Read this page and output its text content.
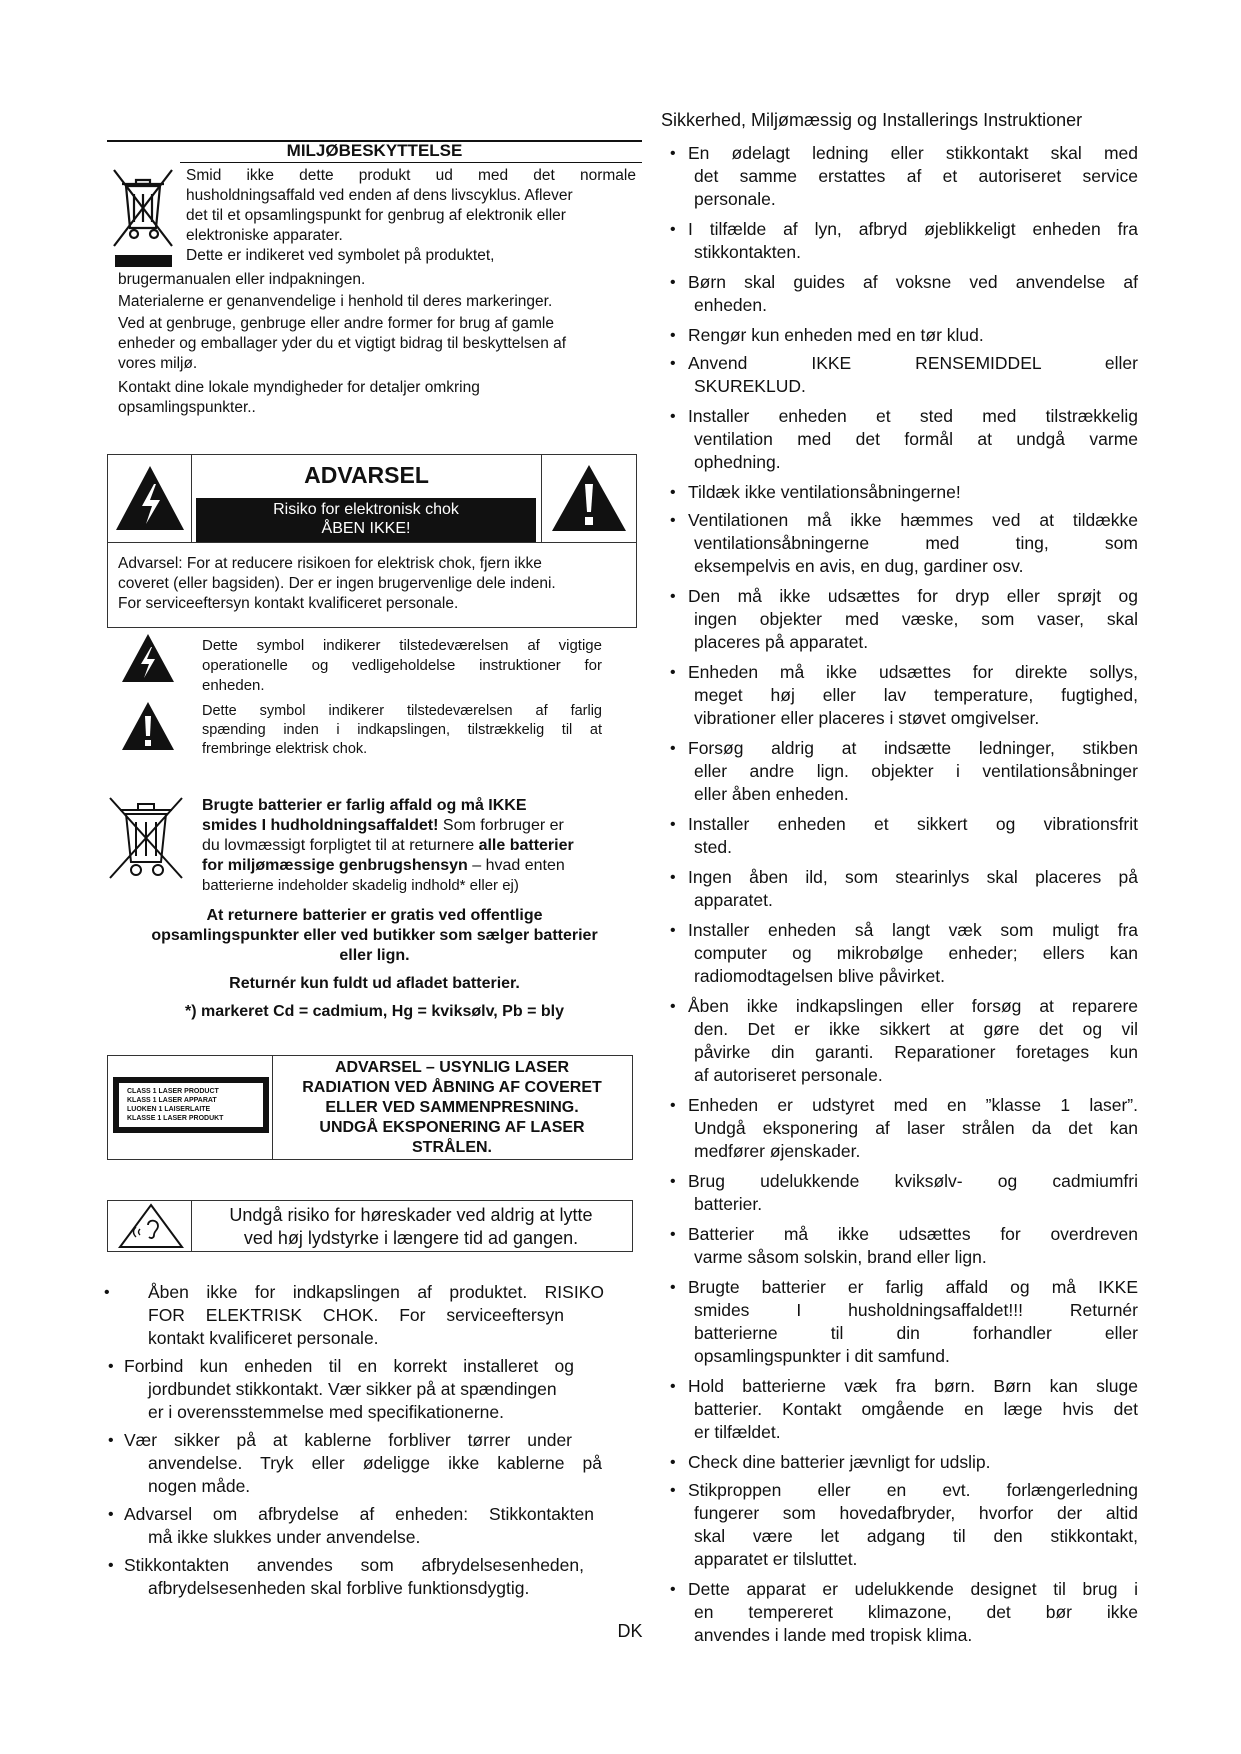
MILJØBESKYTTELSE
Smid ikke dette produkt ud med det normale
husholdningsaffald ved enden af dens livscyklus. Aflever
det til et opsamlingspunkt for genbrug af elektronik eller
elektroniske apparater.
Dette er indikeret ved symbolet på produktet,
brugermanualen eller indpakningen.
Materialerne er genanvendelige i henhold til deres markeringer.
Ved at genbruge, genbruge eller andre former for brug af gamle
enheder og emballager yder du et vigtigt bidrag til beskyttelsen af
vores miljø.
Kontakt dine lokale myndigheder for detaljer omkring
opsamlingspunkter..
ADVARSEL
Risiko for elektronisk chok
ÅBEN IKKE!
Advarsel: For at reducere risikoen for elektrisk chok, fjern ikke
coveret (eller bagsiden). Der er ingen brugervenlige dele indeni.
For serviceeftersyn kontakt kvalificeret personale.
Dette symbol indikerer tilstedeværelsen af vigtige
operationelle og vedligeholdelse instruktioner for
enheden.
Dette symbol indikerer tilstedeværelsen af farlig
spænding inden i indkapslingen, tilstrækkelig til at
frembringe elektrisk chok.
Brugte batterier er farlig affald og må IKKE
smides I hudholdningsaffaldet! Som forbruger er
du lovmæssigt forpligtet til at returnere alle batterier
for miljømæssige genbrugshensyn – hvad enten
batterierne indeholder skadelig indhold* eller ej)
At returnere batterier er gratis ved offentlige
opsamlingspunkter eller ved butikker som sælger batterier
eller lign.
Returnér kun fuldt ud afladet batterier.
*) markeret Cd = cadmium, Hg = kviksølv, Pb = bly
CLASS 1 LASER PRODUCT
KLASS 1 LASER APPARAT
LUOKEN 1 LAISERLAITE
KLASSE 1 LASER PRODUKT
ADVARSEL – USYNLIG LASER
RADIATION VED ÅBNING AF COVERET
ELLER VED SAMMENPRESNING.
UNDGÅ EKSPONERING AF LASER
STRÅLEN.
Undgå risiko for høreskader ved aldrig at lytte
ved høj lydstyrke i længere tid ad gangen.
• Åben ikke for indkapslingen af produktet. RISIKO
FOR ELEKTRISK CHOK. For serviceeftersyn
kontakt kvalificeret personale.
• Forbind kun enheden til en korrekt installeret og
jordbundet stikkontakt. Vær sikker på at spændingen
er i overensstemmelse med specifikationerne.
• Vær sikker på at kablerne forbliver tørrer under
anvendelse. Tryk eller ødeligge ikke kablerne på
nogen måde.
• Advarsel om afbrydelse af enheden: Stikkontakten
må ikke slukkes under anvendelse.
• Stikkontakten anvendes som afbrydelsesenheden,
afbrydelsesenheden skal forblive funktionsdygtig.
Sikkerhed, Miljømæssig og Installerings Instruktioner
• En ødelagt ledning eller stikkontakt skal med
det samme erstattes af et autoriseret service
personale.
• I tilfælde af lyn, afbryd øjeblikkeligt enheden fra
stikkontakten.
• Børn skal guides af voksne ved anvendelse af
enheden.
• Rengør kun enheden med en tør klud.
• Anvend IKKE RENSEMIDDEL eller
SKUREKLUD.
• Installer enheden et sted med tilstrækkelig
ventilation med det formål at undgå varme
ophedning.
• Tildæk ikke ventilationsåbningerne!
• Ventilationen må ikke hæmmes ved at tildække
ventilationsåbningerne med ting, som
eksempelvis en avis, en dug, gardiner osv.
• Den må ikke udsættes for dryp eller sprøjt og
ingen objekter med væske, som vaser, skal
placeres på apparatet.
• Enheden må ikke udsættes for direkte sollys,
meget høj eller lav temperature, fugtighed,
vibrationer eller placeres i støvet omgivelser.
• Forsøg aldrig at indsætte ledninger, stikben
eller andre lign. objekter i ventilationsåbninger
eller åben enheden.
• Installer enheden et sikkert og vibrationsfrit
sted.
• Ingen åben ild, som stearinlys skal placeres på
apparatet.
• Installer enheden så langt væk som muligt fra
computer og mikrobølge enheder; ellers kan
radiomodtagelsen blive påvirket.
• Åben ikke indkapslingen eller forsøg at reparere
den. Det er ikke sikkert at gøre det og vil
påvirke din garanti. Reparationer foretages kun
af autoriseret personale.
• Enheden er udstyret med en ”klasse 1 laser”.
Undgå eksponering af laser strålen da det kan
medfører øjenskader.
• Brug udelukkende kviksølv- og cadmiumfri
batterier.
• Batterier må ikke udsættes for overdreven
varme såsom solskin, brand eller lign.
• Brugte batterier er farlig affald og må IKKE
smides I husholdningsaffaldet!!! Returnér
batterierne til din forhandler eller
opsamlingspunkter i dit samfund.
• Hold batterierne væk fra børn. Børn kan sluge
batterier. Kontakt omgående en læge hvis det
er tilfældet.
• Check dine batterier jævnligt for udslip.
• Stikproppen eller en evt. forlængerledning
fungerer som hovedafbryder, hvorfor der altid
skal være let adgang til den stikkontakt,
apparatet er tilsluttet.
• Dette apparat er udelukkende designet til brug i
en tempereret klimazone, det bør ikke
anvendes i lande med tropisk klima.
DK
